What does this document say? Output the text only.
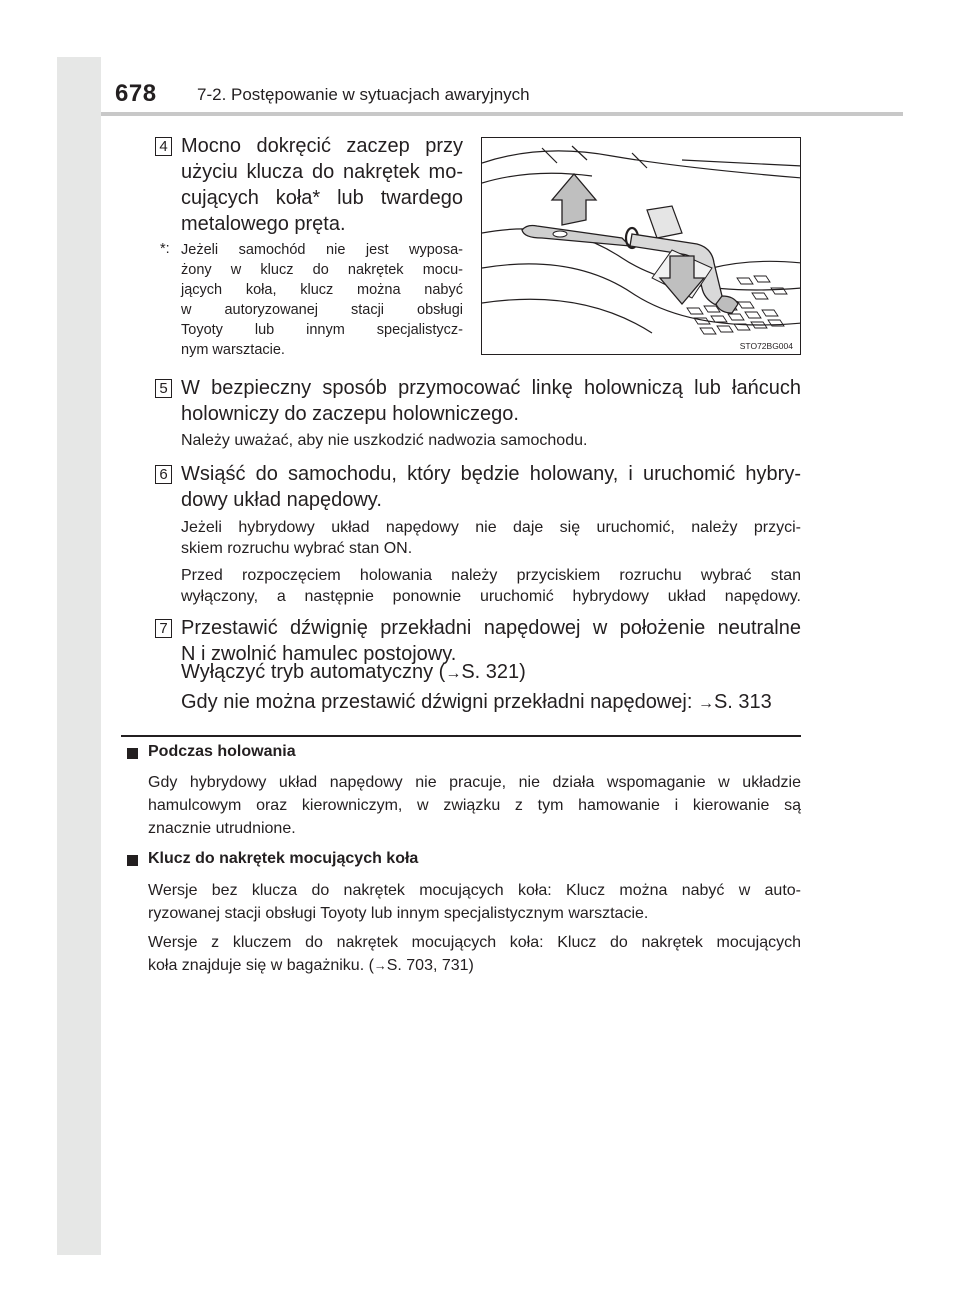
678 7-2. Postępowanie w sytuacjach awaryjnych
4 Mocno dokręcić zaczep przy
użyciu klucza do nakrętek mo-
cujących koła* lub twardego
metalowego pręta.
*: Jeżeli samochód nie jest wyposa-
żony w klucz do nakrętek mocu-
jących koła, klucz można nabyć
w autoryzowanej stacji obsługi
Toyoty lub innym specjalistycz-
nym warsztacie.	STO72BG004
5 W bezpieczny sposób przymocować linkę holowniczą lub łańcuch
holowniczy do zaczepu holowniczego.
Należy uważać, aby nie uszkodzić nadwozia samochodu.
6 Wsiąść do samochodu, który będzie holowany, i uruchomić hybry-
dowy układ napędowy.
Jeżeli hybrydowy układ napędowy nie daje się uruchomić, należy przyci-
skiem rozruchu wybrać stan ON.
Przed rozpoczęciem holowania należy przyciskiem rozruchu wybrać stan
wyłączony, a następnie ponownie uruchomić hybrydowy układ napędowy.
7 Przestawić dźwignię przekładni napędowej w położenie neutralne
N i zwolnić hamulec postojowy.
Wyłączyć tryb automatyczny (→S. 321)
Gdy nie można przestawić dźwigni przekładni napędowej: →S. 313
Podczas holowania
Gdy hybrydowy układ napędowy nie pracuje, nie działa wspomaganie w układzie
hamulcowym oraz kierowniczym, w związku z tym hamowanie i kierowanie są
znacznie utrudnione.
Klucz do nakrętek mocujących koła
Wersje bez klucza do nakrętek mocujących koła: Klucz można nabyć w auto-
ryzowanej stacji obsługi Toyoty lub innym specjalistycznym warsztacie.
Wersje z kluczem do nakrętek mocujących koła: Klucz do nakrętek mocujących
koła znajduje się w bagażniku. (→S. 703, 731)
